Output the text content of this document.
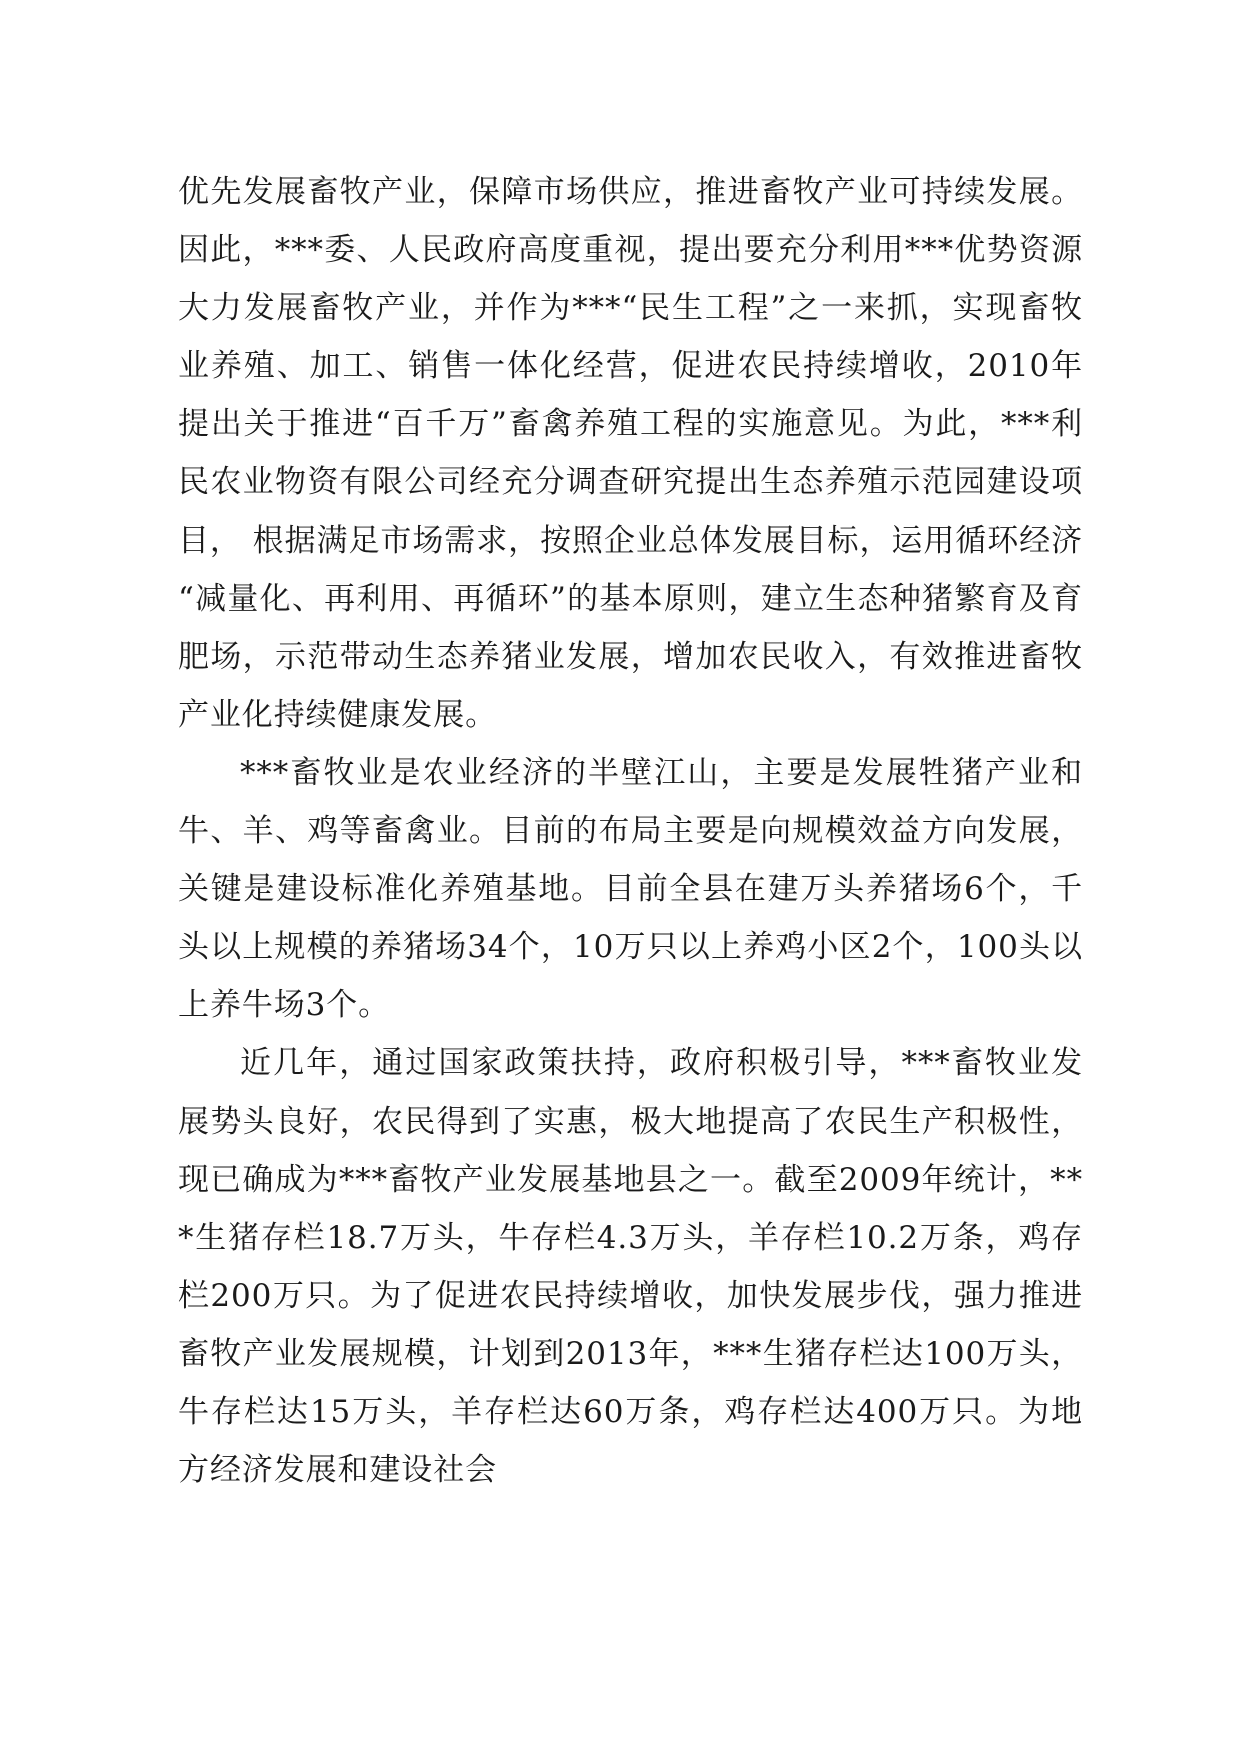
优先发展畜牧产业，保障市场供应，推进畜牧产业可持续发展。因此，***委、人民政府高度重视，提出要充分利用***优势资源大力发展畜牧产业，并作为***“民生工程”之一来抓，实现畜牧业养殖、加工、销售一体化经营，促进农民持续增收，2010年提出关于推进“百千万”畜禽养殖工程的实施意见。为此，***利民农业物资有限公司经充分调查研究提出生态养殖示范园建设项目， 根据满足市场需求，按照企业总体发展目标，运用循环经济 “减量化、再利用、再循环”的基本原则，建立生态种猪繁育及育肥场，示范带动生态养猪业发展，增加农民收入，有效推进畜牧产业化持续健康发展。

***畜牧业是农业经济的半壁江山，主要是发展牲猪产业和牛、羊、鸡等畜禽业。目前的布局主要是向规模效益方向发展，关键是建设标准化养殖基地。目前全县在建万头养猪场6个，千头以上规模的养猪场34个，10万只以上养鸡小区2个，100头以上养牛场3个。

近几年，通过国家政策扶持，政府积极引导，***畜牧业发展势头良好，农民得到了实惠，极大地提高了农民生产积极性，现已确成为***畜牧产业发展基地县之一。截至2009年统计，***生猪存栏18.7万头，牛存栏4.3万头，羊存栏10.2万条，鸡存栏200万只。为了促进农民持续增收，加快发展步伐，强力推进畜牧产业发展规模，计划到2013年，***生猪存栏达100万头，牛存栏达15万头，羊存栏达60万条，鸡存栏达400万只。为地方经济发展和建设社会
